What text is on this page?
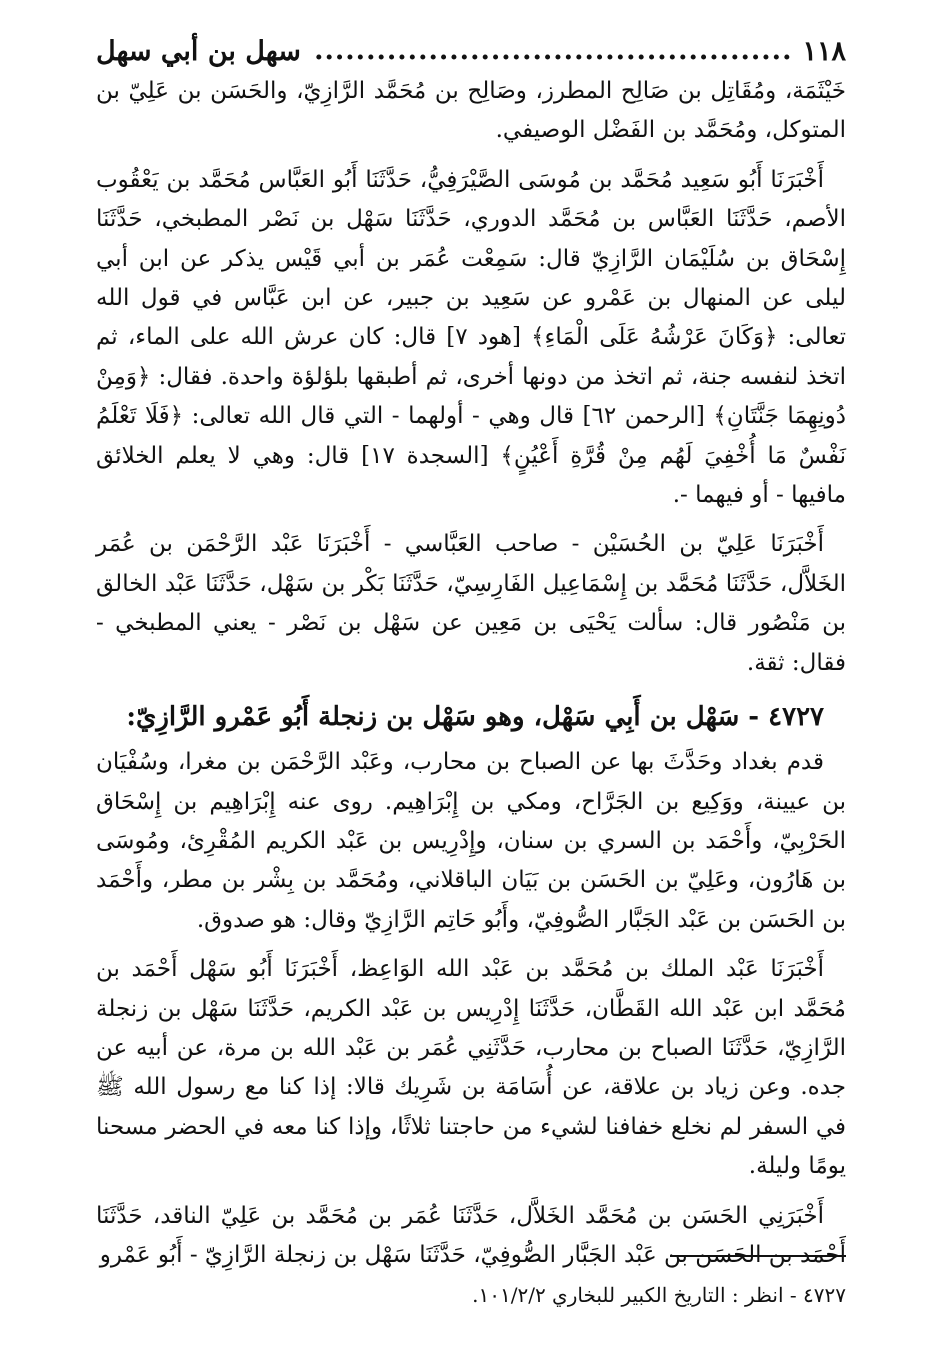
١١٨
.....
سهل بن أبي سهل

خَيْثَمَة، ومُقَاتِل بن صَالِح المطرز، وصَالِح بن مُحَمَّد الرَّازِيّ، والحَسَن بن عَلِيّ بن المتوكل، ومُحَمَّد بن الفَضْل الوصيفي.

أَخْبَرَنَا أَبُو سَعِيد مُحَمَّد بن مُوسَى الصَّيْرَفِيُّ، حَدَّثَنَا أَبُو العَبَّاس مُحَمَّد بن يَعْقُوب الأصم، حَدَّثَنَا العَبَّاس بن مُحَمَّد الدوري، حَدَّثَنَا سَهْل بن نَصْر المطبخي، حَدَّثَنَا إِسْحَاق بن سُلَيْمَان الرَّازِيّ قال: سَمِعْت عُمَر بن أبي قَيْس يذكر عن ابن أبي ليلى عن المنهال بن عَمْرو عن سَعِيد بن جبير، عن ابن عَبَّاس في قول الله تعالى: ﴿وَكَانَ عَرْشُهُ عَلَى الْمَاءِ﴾ [هود ٧] قال: كان عرش الله على الماء، ثم اتخذ لنفسه جنة، ثم اتخذ من دونها أخرى، ثم أطبقها بلؤلؤة واحدة. فقال: ﴿وَمِنْ دُونِهِمَا جَنَّتَانِ﴾ [الرحمن ٦٢] قال وهي - أولهما - التي قال الله تعالى: ﴿فَلَا تَعْلَمُ نَفْسٌ مَا أُخْفِيَ لَهُم مِنْ قُرَّةِ أَعْيُنٍ﴾ [السجدة ١٧] قال: وهي لا يعلم الخلائق مافيها - أو فيهما -.

أَخْبَرَنَا عَلِيّ بن الحُسَيْن - صاحب العَبَّاسي - أَخْبَرَنَا عَبْد الرَّحْمَن بن عُمَر الخَلاَّل، حَدَّثَنَا مُحَمَّد بن إِسْمَاعِيل الفَارِسِيّ، حَدَّثَنَا بَكْر بن سَهْل، حَدَّثَنَا عَبْد الخالق بن مَنْصُور قال: سألت يَحْيَى بن مَعِين عن سَهْل بن نَصْر - يعني المطبخي - فقال: ثقة.

٤٧٢٧ - سَهْل بن أَبِي سَهْل، وهو سَهْل بن زنجلة أَبُو عَمْرو الرَّازِيّ:

قدم بغداد وحَدَّثَ بها عن الصباح بن محارب، وعَبْد الرَّحْمَن بن مغرا، وسُفْيَان بن عيينة، ووَكِيع بن الجَرَّاح، ومكي بن إِبْرَاهِيم. روى عنه إِبْرَاهِيم بن إِسْحَاق الحَرْبِيّ، وأَحْمَد بن السري بن سنان، وإِدْرِيس بن عَبْد الكريم المُقْرِئ، ومُوسَى بن هَارُون، وعَلِيّ بن الحَسَن بن بَيَان الباقلاني، ومُحَمَّد بن بِشْر بن مطر، وأَحْمَد بن الحَسَن بن عَبْد الجَبَّار الصُّوفِيّ، وأَبُو حَاتِم الرَّازِيّ وقال: هو صدوق.

أَخْبَرَنَا عَبْد الملك بن مُحَمَّد بن عَبْد الله الوَاعِظ، أَخْبَرَنَا أَبُو سَهْل أَحْمَد بن مُحَمَّد ابن عَبْد الله القَطَّان، حَدَّثَنَا إِدْرِيس بن عَبْد الكريم، حَدَّثَنَا سَهْل بن زنجلة الرَّازِيّ، حَدَّثَنَا الصباح بن محارب، حَدَّثَنِي عُمَر بن عَبْد الله بن مرة، عن أبيه عن جده. وعن زياد بن علاقة، عن أُسَامَة بن شَرِيك قالا: إذا كنا مع رسول الله ﷺ في السفر لم نخلع خفافنا لشيء من حاجتنا ثلاثًا، وإذا كنا معه في الحضر مسحنا يومًا وليلة.

أَخْبَرَنِي الحَسَن بن مُحَمَّد الخَلاَّل، حَدَّثَنَا عُمَر بن مُحَمَّد بن عَلِيّ الناقد، حَدَّثَنَا أَحْمَد بن الحَسَن بن عَبْد الجَبَّار الصُّوفِيّ، حَدَّثَنَا سَهْل بن زنجلة الرَّازِيّ - أَبُو عَمْرو

٤٧٢٧ - انظر : التاريخ الكبير للبخاري ١٠١/٢/٢.
